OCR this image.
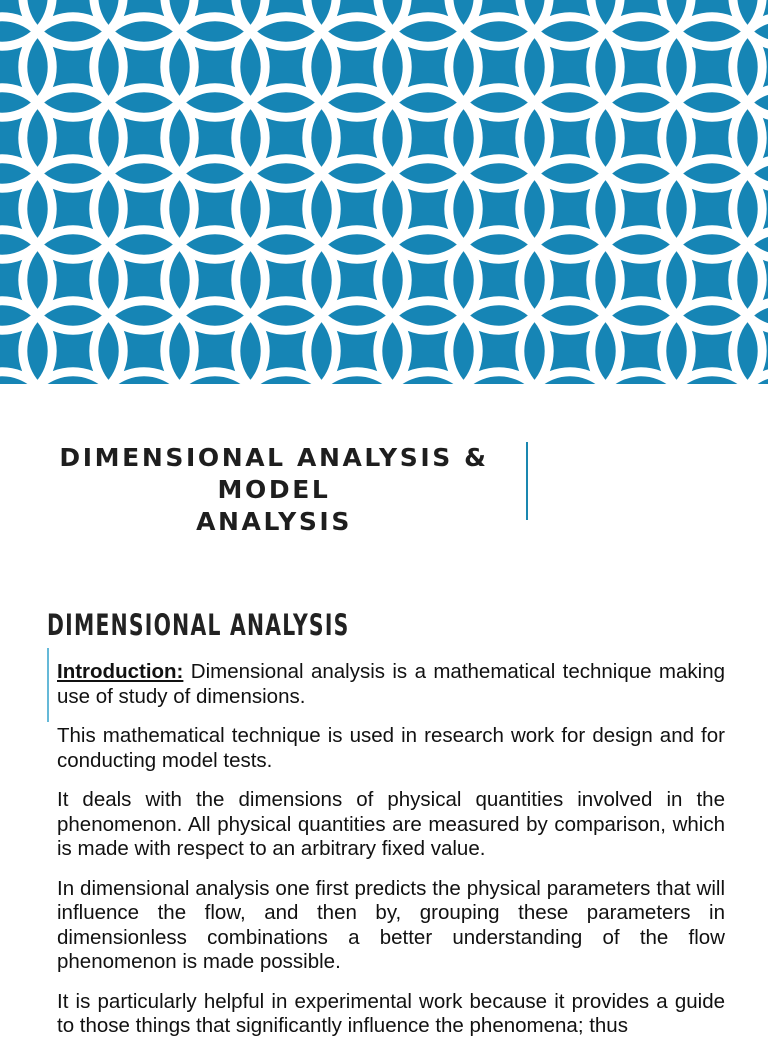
DIMENSIONAL ANALYSIS & MODEL

ANALYSIS

DIMENSIONAL ANALYSIS

Introduction: Dimensional analysis is a mathematical technique making use of study of dimensions.

This mathematical technique is used in research work for design and for conducting model tests.

It deals with the dimensions of physical quantities involved in the phenomenon. All physical quantities are measured by comparison, which is made with respect to an arbitrary fixed value.

In dimensional analysis one first predicts the physical parameters that will influence the flow, and then by, grouping these parameters in dimensionless combinations a better understanding of the flow phenomenon is made possible.

It is particularly helpful in experimental work because it provides a guide to those things that significantly influence the phenomena; thus
